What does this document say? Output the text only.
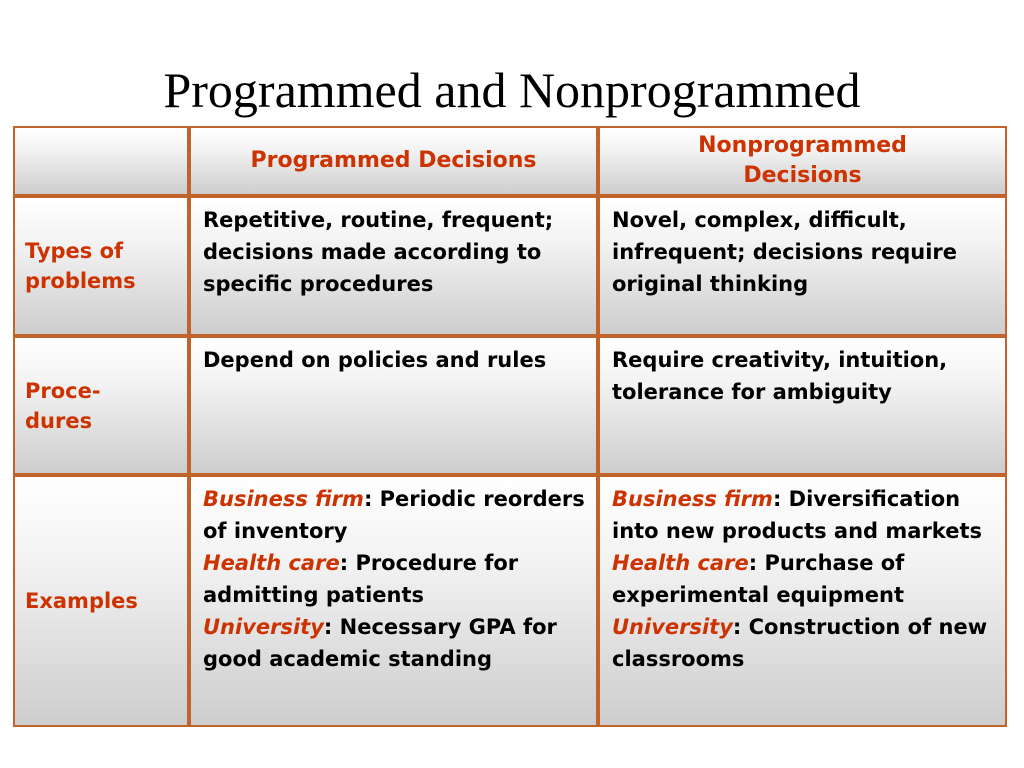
Programmed and Nonprogrammed
Programmed Decisions
Nonprogrammed Decisions
Types of problems
Repetitive, routine, frequent; decisions made according to specific procedures
Novel, complex, difficult, infrequent; decisions require original thinking
Proce-dures
Depend on policies and rules	Require creativity, intuition, tolerance for ambiguity
Examples
Business firm: Periodic reorders of inventory
Health care: Procedure for admitting patients
University: Necessary GPA for good academic standing
Business firm: Diversification into new products and markets
Health care: Purchase of experimental equipment
University: Construction of new classrooms
